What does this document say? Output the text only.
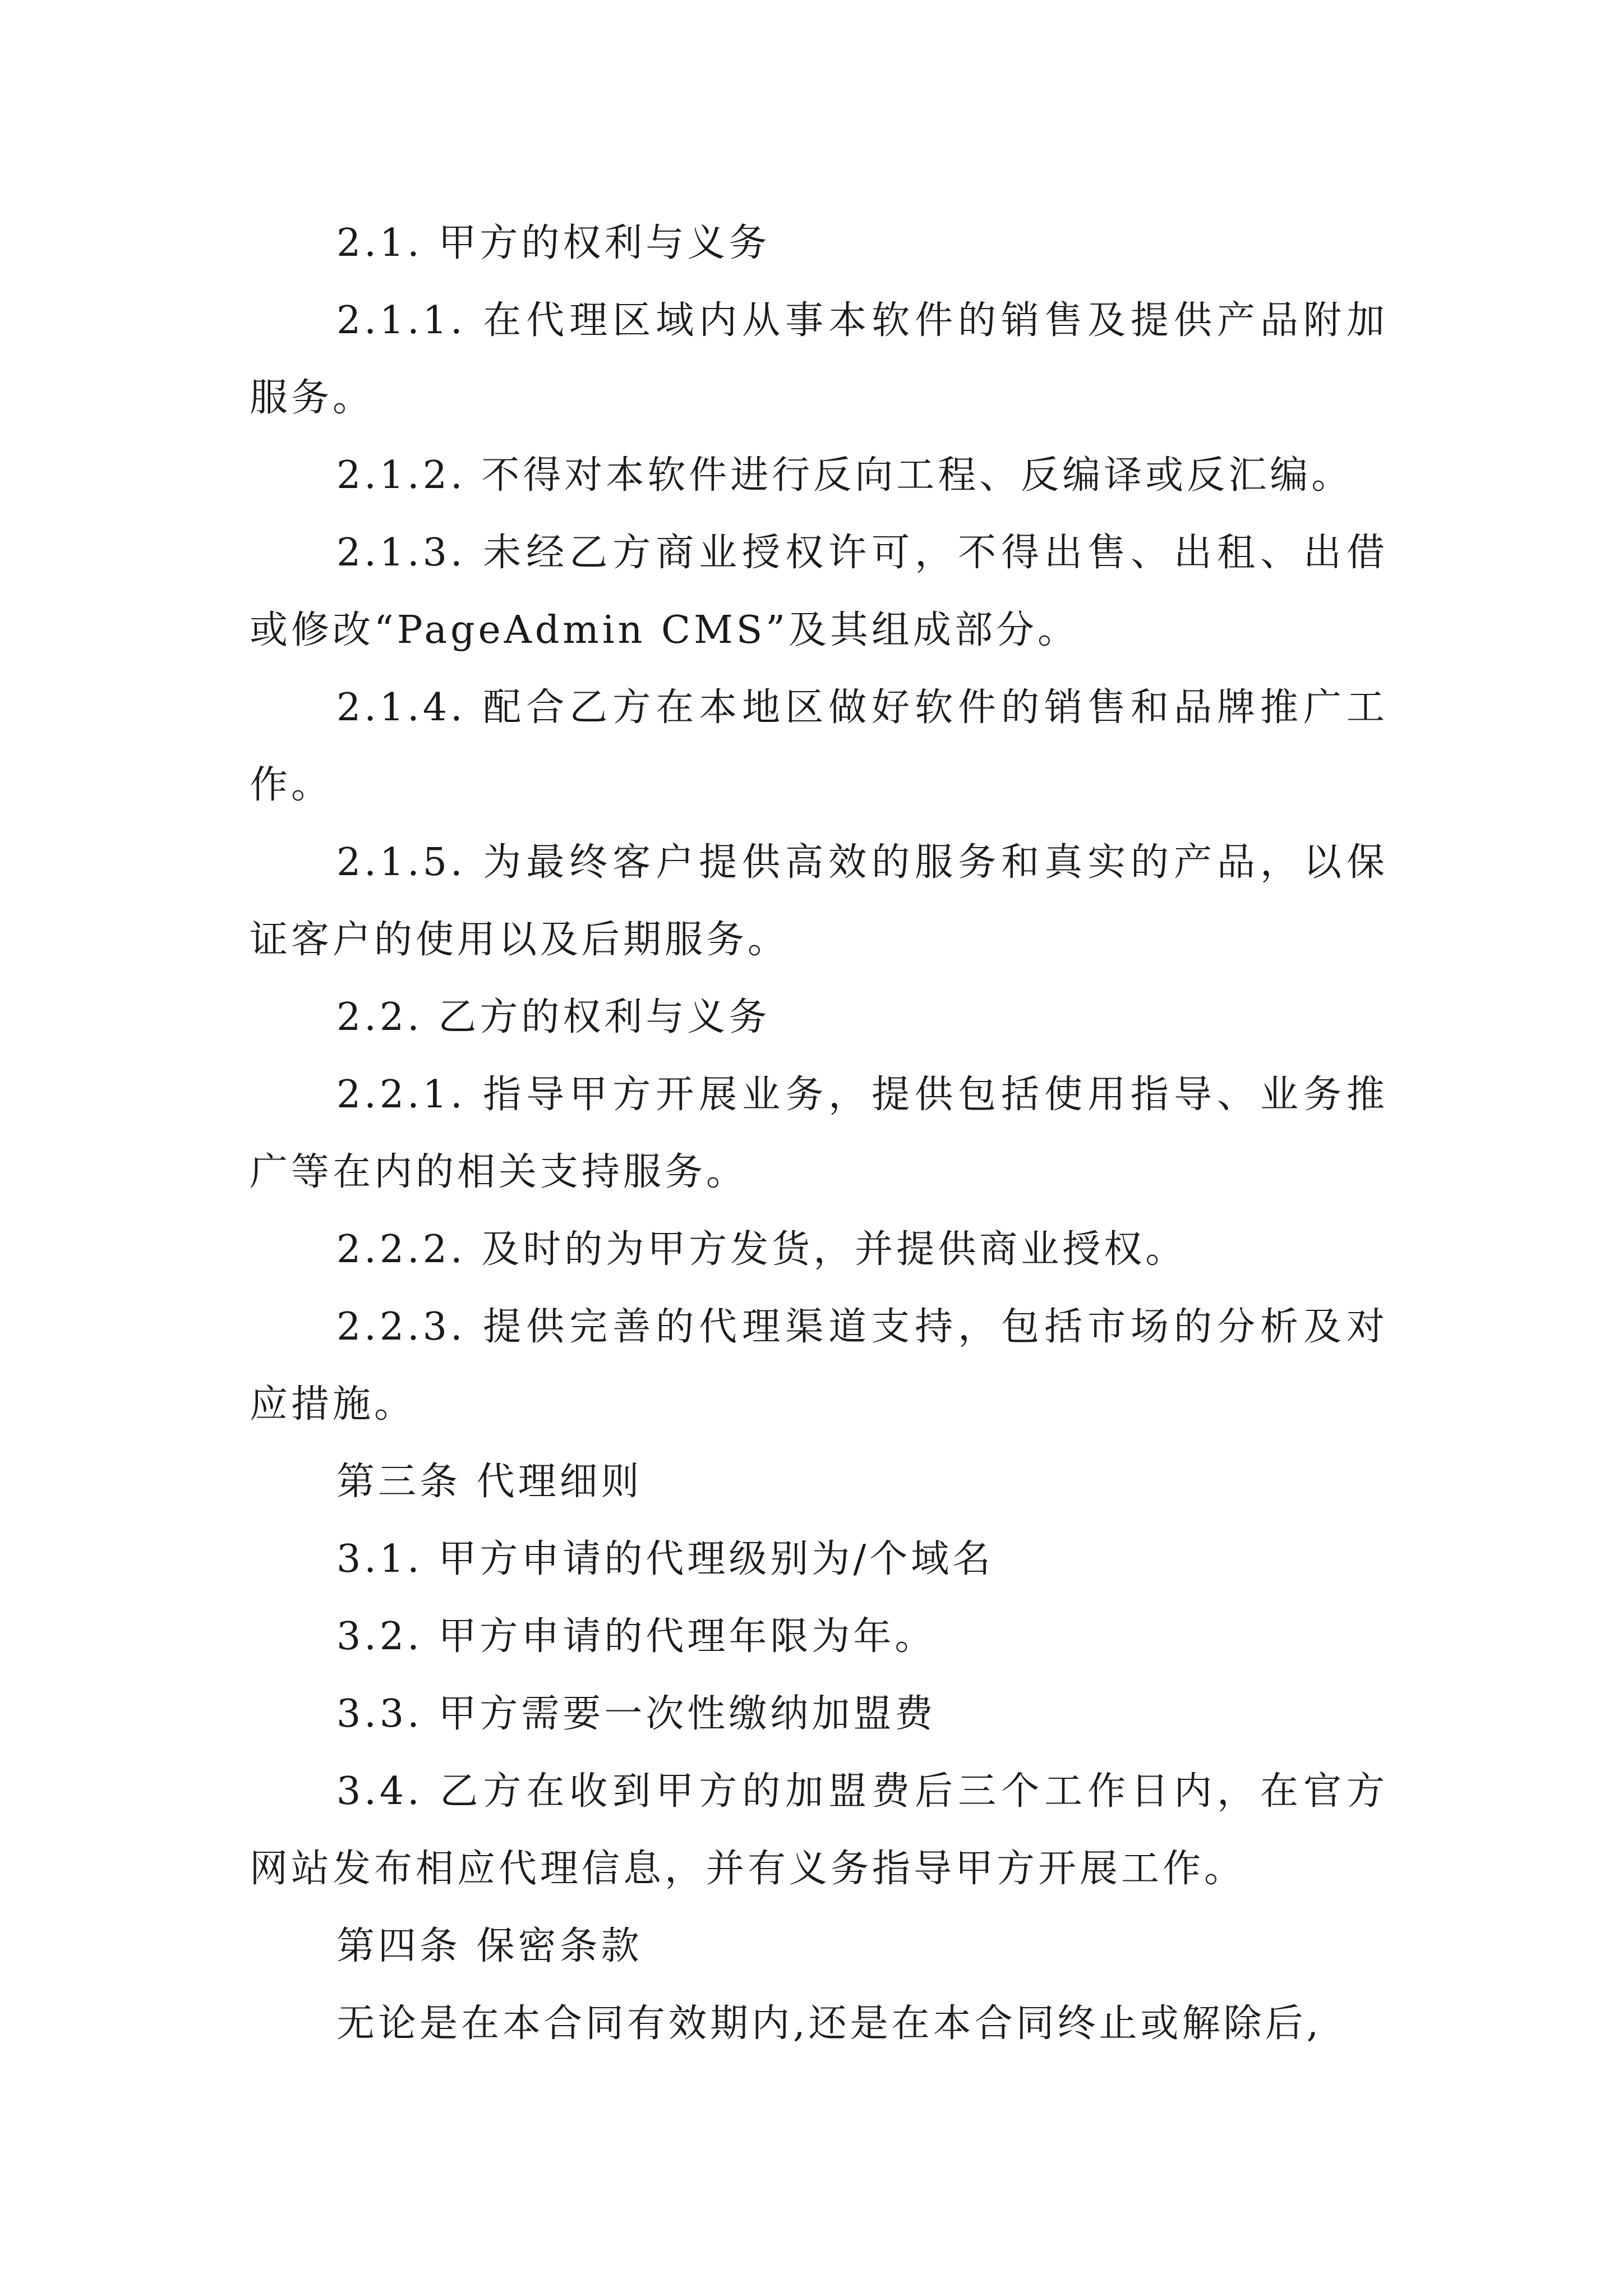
2.1. 甲方的权利与义务

2.1.1. 在代理区域内从事本软件的销售及提供产品附加服务。

2.1.2. 不得对本软件进行反向工程、反编译或反汇编。

2.1.3. 未经乙方商业授权许可，不得出售、出租、出借或修改“PageAdmin CMS”及其组成部分。

2.1.4. 配合乙方在本地区做好软件的销售和品牌推广工作。

2.1.5. 为最终客户提供高效的服务和真实的产品，以保证客户的使用以及后期服务。

2.2. 乙方的权利与义务

2.2.1. 指导甲方开展业务，提供包括使用指导、业务推广等在内的相关支持服务。

2.2.2. 及时的为甲方发货，并提供商业授权。

2.2.3. 提供完善的代理渠道支持，包括市场的分析及对应措施。

第三条 代理细则

3.1. 甲方申请的代理级别为/个域名

3.2. 甲方申请的代理年限为年。

3.3. 甲方需要一次性缴纳加盟费

3.4. 乙方在收到甲方的加盟费后三个工作日内，在官方网站发布相应代理信息，并有义务指导甲方开展工作。

第四条 保密条款

无论是在本合同有效期内,还是在本合同终止或解除后,
